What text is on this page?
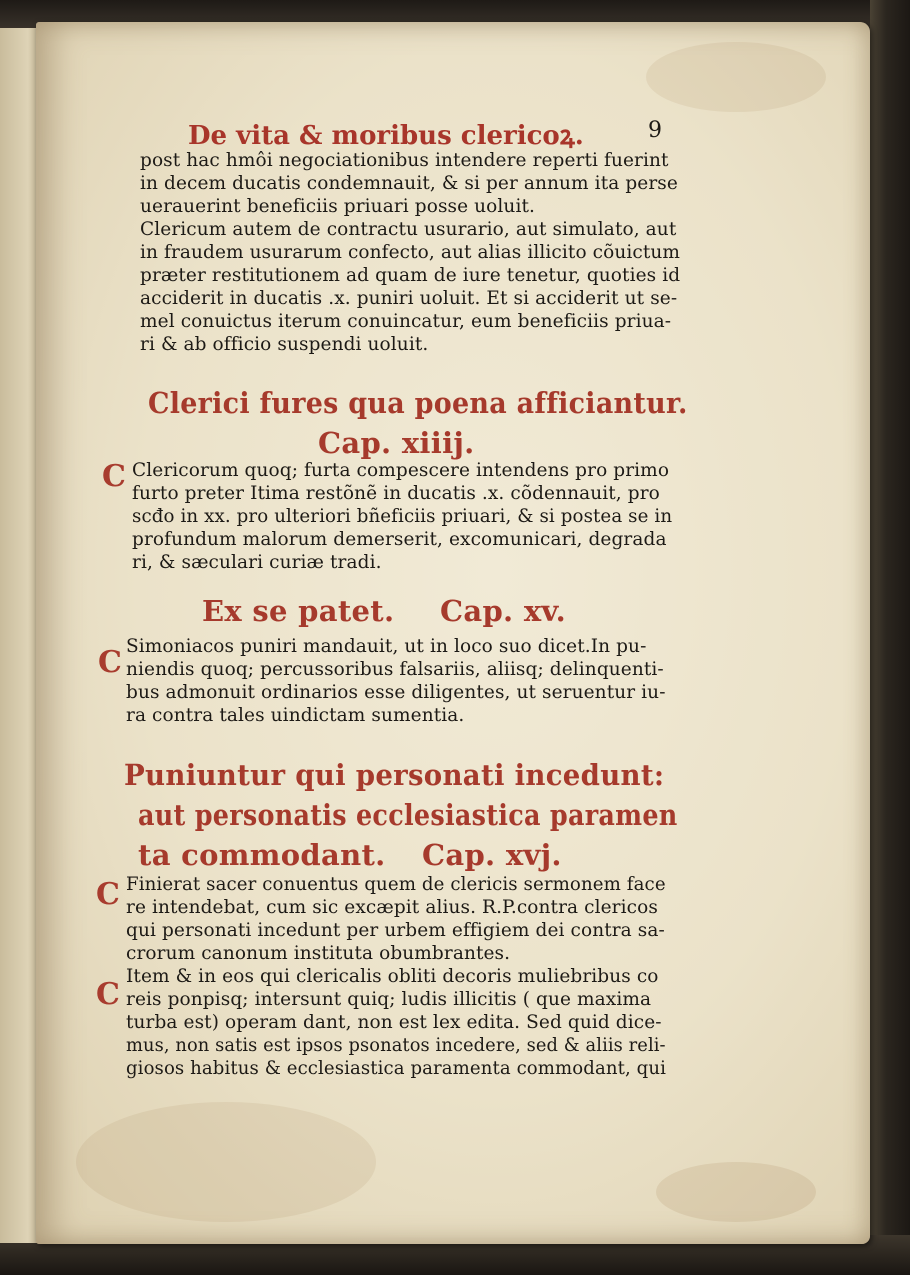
De vita & moribus clericoꝝ.	9
post hac hmôi negociationibus intendere reperti fuerint
in decem ducatis condemnauit, & si per annum ita perse
uerauerint beneficiis priuari posse uoluit.
Clericum autem de contractu usurario, aut simulato, aut
in fraudem usurarum confecto, aut alias illicito cõuictum
præter restitutionem ad quam de iure tenetur, quoties id
acciderit in ducatis .x. puniri uoluit. Et si acciderit ut se-
mel conuictus iterum conuincatur, eum beneficiis priua-
ri & ab officio suspendi uoluit.
Clerici fures qua poena afficiantur.
Cap. xiiij.
C Clericorum quoq; furta compescere intendens pro primo
furto preter Itima restõnẽ in ducatis .x. cõdennauit, pro
scđo in xx. pro ulteriori bñeficiis priuari, & si postea se in
profundum malorum demerserit, excomunicari, degrada
ri, & sæculari curiæ tradi.
Ex se patet. Cap. xv.
C Simoniacos puniri mandauit, ut in loco suo dicet.In pu-
niendis quoq; percussoribus falsariis, aliisq; delinquenti-
bus admonuit ordinarios esse diligentes, ut seruentur iu-
ra contra tales uindictam sumentia.
Puniuntur qui personati incedunt:
aut personatis ecclesiastica paramen
ta commodant. Cap. xvj.
C
C
Finierat sacer conuentus quem de clericis sermonem face
re intendebat, cum sic excæpit alius. R.P.contra clericos
qui personati incedunt per urbem effigiem dei contra sa-
crorum canonum instituta obumbrantes.
Item & in eos qui clericalis obliti decoris muliebribus co
reis ponpisq; intersunt quiq; ludis illicitis ( que maxima
turba est) operam dant, non est lex edita. Sed quid dice-
mus, non satis est ipsos psonatos incedere, sed & aliis reli-
giosos habitus & ecclesiastica paramenta commodant, qui
